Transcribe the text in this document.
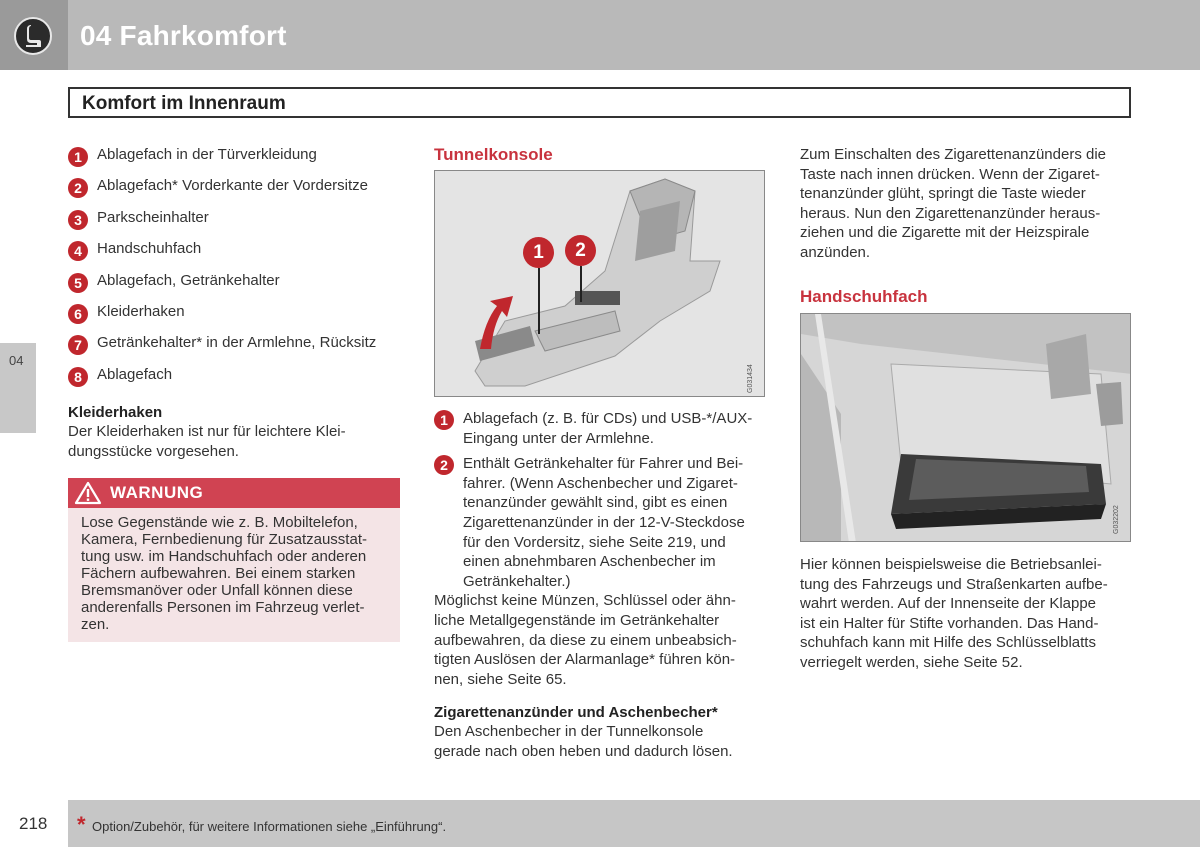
04 Fahrkomfort
Komfort im Innenraum
04
1	Ablagefach in der Türverkleidung
2	Ablagefach* Vorderkante der Vordersitze
3	Parkscheinhalter
4	Handschuhfach
5	Ablagefach, Getränkehalter
6	Kleiderhaken
7	Getränkehalter* in der Armlehne, Rücksitz
8	Ablagefach
Kleiderhaken
Der Kleiderhaken ist nur für leichtere Klei-
dungsstücke vorgesehen.
WARNUNG
Lose Gegenstände wie z. B. Mobiltelefon,
Kamera, Fernbedienung für Zusatzausstat-
tung usw. im Handschuhfach oder anderen
Fächern aufbewahren. Bei einem starken
Bremsmanöver oder Unfall können diese
anderenfalls Personen im Fahrzeug verlet-
zen.
Tunnelkonsole
1	2
G031434
1	Ablagefach (z. B. für CDs) und USB-*/AUX-
Eingang unter der Armlehne.
2	Enthält Getränkehalter für Fahrer und Bei-
fahrer. (Wenn Aschenbecher und Zigaret-
tenanzünder gewählt sind, gibt es einen
Zigarettenanzünder in der 12-V-Steckdose
für den Vordersitz, siehe Seite 219, und
einen abnehmbaren Aschenbecher im
Getränkehalter.)
Möglichst keine Münzen, Schlüssel oder ähn-
liche Metallgegenstände im Getränkehalter
aufbewahren, da diese zu einem unbeabsich-
tigten Auslösen der Alarmanlage* führen kön-
nen, siehe Seite 65.
Zigarettenanzünder und Aschenbecher*
Den Aschenbecher in der Tunnelkonsole
gerade nach oben heben und dadurch lösen.
Zum Einschalten des Zigarettenanzünders die
Taste nach innen drücken. Wenn der Zigaret-
tenanzünder glüht, springt die Taste wieder
heraus. Nun den Zigarettenanzünder heraus-
ziehen und die Zigarette mit der Heizspirale
anzünden.
Handschuhfach
G032202
Hier können beispielsweise die Betriebsanlei-
tung des Fahrzeugs und Straßenkarten aufbe-
wahrt werden. Auf der Innenseite der Klappe
ist ein Halter für Stifte vorhanden. Das Hand-
schuhfach kann mit Hilfe des Schlüsselblatts
verriegelt werden, siehe Seite 52.
218 * Option/Zubehör, für weitere Informationen siehe „Einführung“.
